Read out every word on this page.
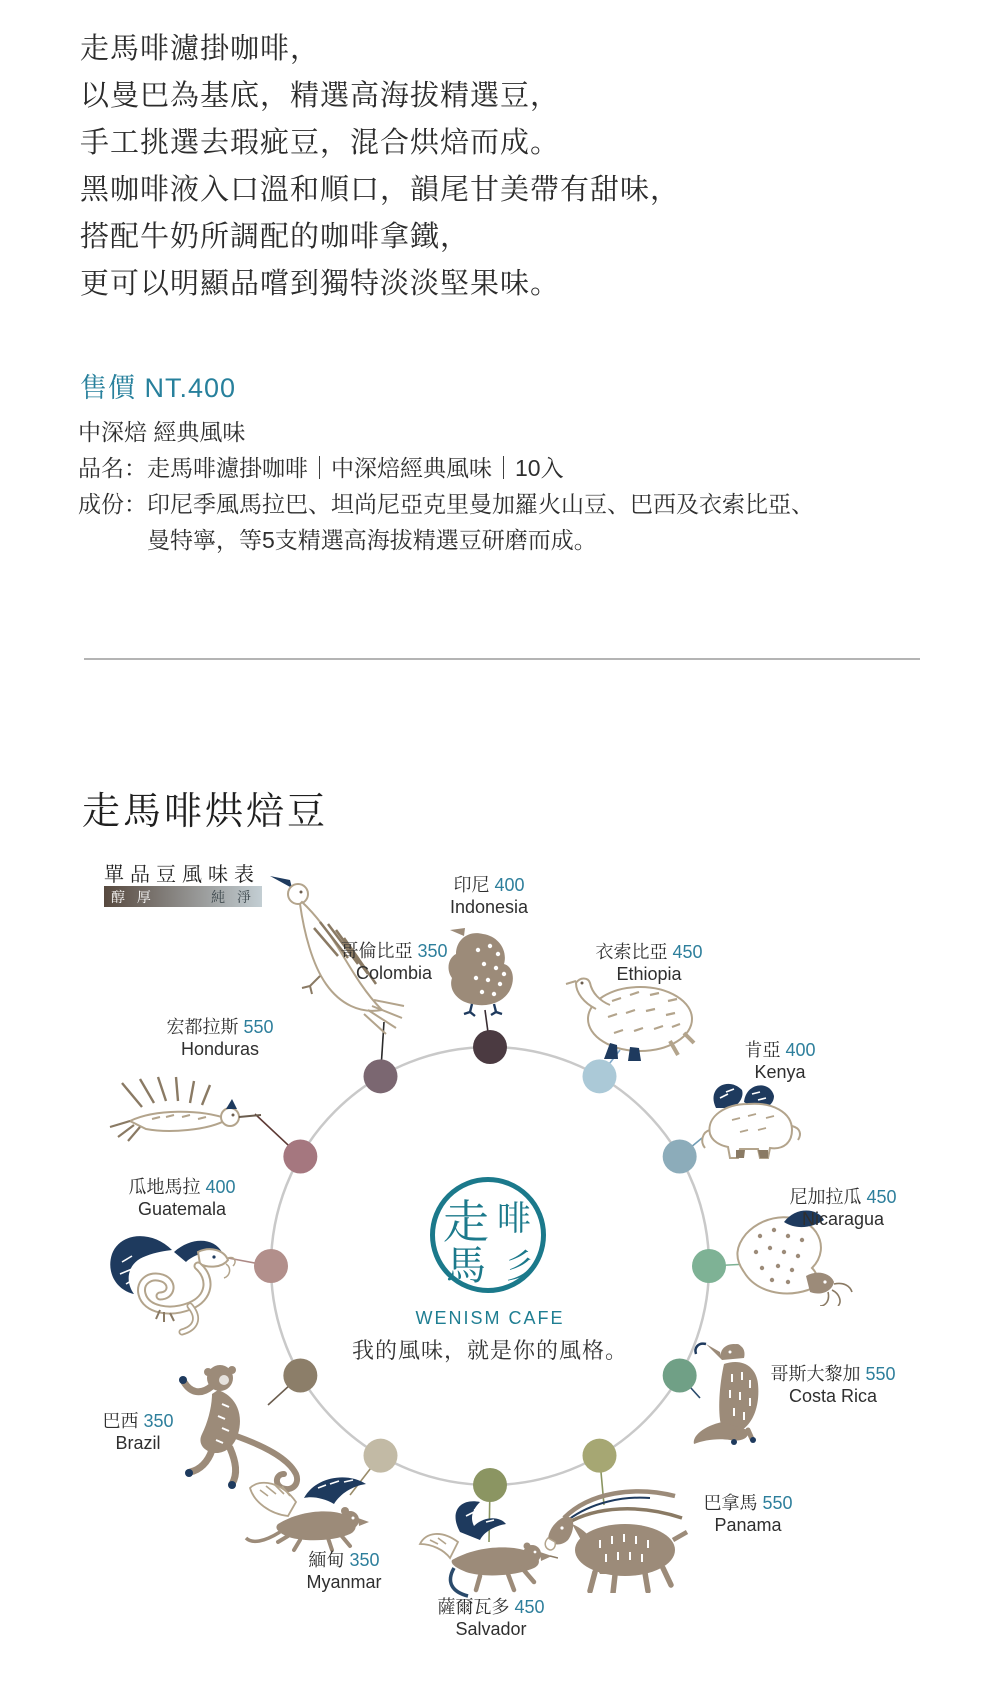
走馬啡濾掛咖啡，
以曼巴為基底，精選高海拔精選豆，
手工挑選去瑕疵豆，混合烘焙而成。
黑咖啡液入口溫和順口，韻尾甘美帶有甜味，
搭配牛奶所調配的咖啡拿鐵，
更可以明顯品嚐到獨特淡淡堅果味。
售價 NT.400
中深焙 經典風味
品名：走馬啡濾掛咖啡｜中深焙經典風味｜10入
成份：印尼季風馬拉巴、坦尚尼亞克里曼加羅火山豆、巴西及衣索比亞、
曼特寧，等5支精選高海拔精選豆研磨而成。
走馬啡烘焙豆
單品豆風味表
醇 厚	純 淨
印尼 400
Indonesia
衣索比亞 450
Ethiopia
肯亞 400
Kenya
尼加拉瓜 450
Nicaragua
哥斯大黎加 550
Costa Rica
巴拿馬 550
Panama
薩爾瓦多 450
Salvador
緬甸 350
Myanmar
巴西 350
Brazil
瓜地馬拉 400
Guatemala
宏都拉斯 550
Honduras
哥倫比亞 350
Colombia
走 啡
馬 彡
WENISM CAFE
我的風味，就是你的風格。
